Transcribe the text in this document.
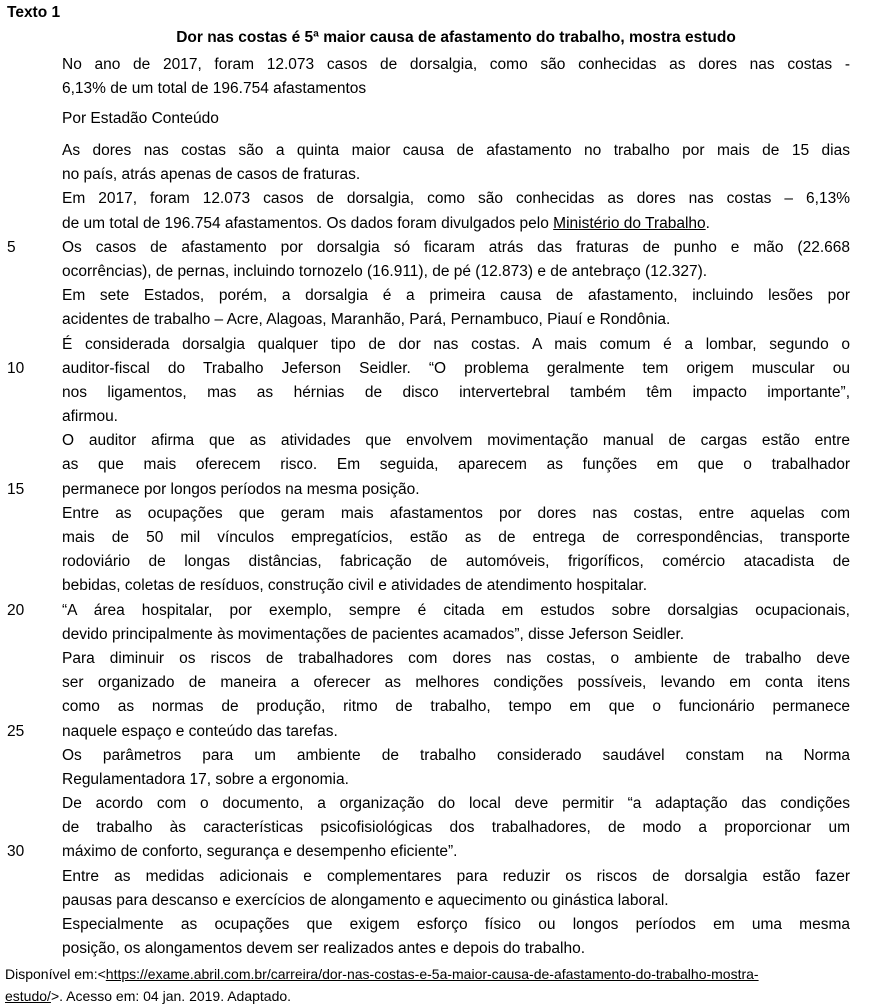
Texto 1
Dor nas costas é 5ª maior causa de afastamento do trabalho, mostra estudo
No ano de 2017, foram 12.073 casos de dorsalgia, como são conhecidas as dores nas costas -
6,13% de um total de 196.754 afastamentos
Por Estadão Conteúdo
As dores nas costas são a quinta maior causa de afastamento no trabalho por mais de 15 dias
no país, atrás apenas de casos de fraturas.
Em 2017, foram 12.073 casos de dorsalgia, como são conhecidas as dores nas costas – 6,13%
de um total de 196.754 afastamentos. Os dados foram divulgados pelo Ministério do Trabalho.
5	Os casos de afastamento por dorsalgia só ficaram atrás das fraturas de punho e mão (22.668
ocorrências), de pernas, incluindo tornozelo (16.911), de pé (12.873) e de antebraço (12.327).
Em sete Estados, porém, a dorsalgia é a primeira causa de afastamento, incluindo lesões por
acidentes de trabalho – Acre, Alagoas, Maranhão, Pará, Pernambuco, Piauí e Rondônia.
É considerada dorsalgia qualquer tipo de dor nas costas. A mais comum é a lombar, segundo o
10	auditor-fiscal do Trabalho Jeferson Seidler. “O problema geralmente tem origem muscular ou
nos ligamentos, mas as hérnias de disco intervertebral também têm impacto importante”,
afirmou.
O auditor afirma que as atividades que envolvem movimentação manual de cargas estão entre
as que mais oferecem risco. Em seguida, aparecem as funções em que o trabalhador
15	permanece por longos períodos na mesma posição.
Entre as ocupações que geram mais afastamentos por dores nas costas, entre aquelas com
mais de 50 mil vínculos empregatícios, estão as de entrega de correspondências, transporte
rodoviário de longas distâncias, fabricação de automóveis, frigoríficos, comércio atacadista de
bebidas, coletas de resíduos, construção civil e atividades de atendimento hospitalar.
20	“A área hospitalar, por exemplo, sempre é citada em estudos sobre dorsalgias ocupacionais,
devido principalmente às movimentações de pacientes acamados”, disse Jeferson Seidler.
Para diminuir os riscos de trabalhadores com dores nas costas, o ambiente de trabalho deve
ser organizado de maneira a oferecer as melhores condições possíveis, levando em conta itens
como as normas de produção, ritmo de trabalho, tempo em que o funcionário permanece
25	naquele espaço e conteúdo das tarefas.
Os parâmetros para um ambiente de trabalho considerado saudável constam na Norma
Regulamentadora 17, sobre a ergonomia.
De acordo com o documento, a organização do local deve permitir “a adaptação das condições
de trabalho às características psicofisiológicas dos trabalhadores, de modo a proporcionar um
30	máximo de conforto, segurança e desempenho eficiente”.
Entre as medidas adicionais e complementares para reduzir os riscos de dorsalgia estão fazer
pausas para descanso e exercícios de alongamento e aquecimento ou ginástica laboral.
Especialmente as ocupações que exigem esforço físico ou longos períodos em uma mesma
posição, os alongamentos devem ser realizados antes e depois do trabalho.
Disponível em:<https://exame.abril.com.br/carreira/dor-nas-costas-e-5a-maior-causa-de-afastamento-do-trabalho-mostra-
estudo/>. Acesso em: 04 jan. 2019. Adaptado.
